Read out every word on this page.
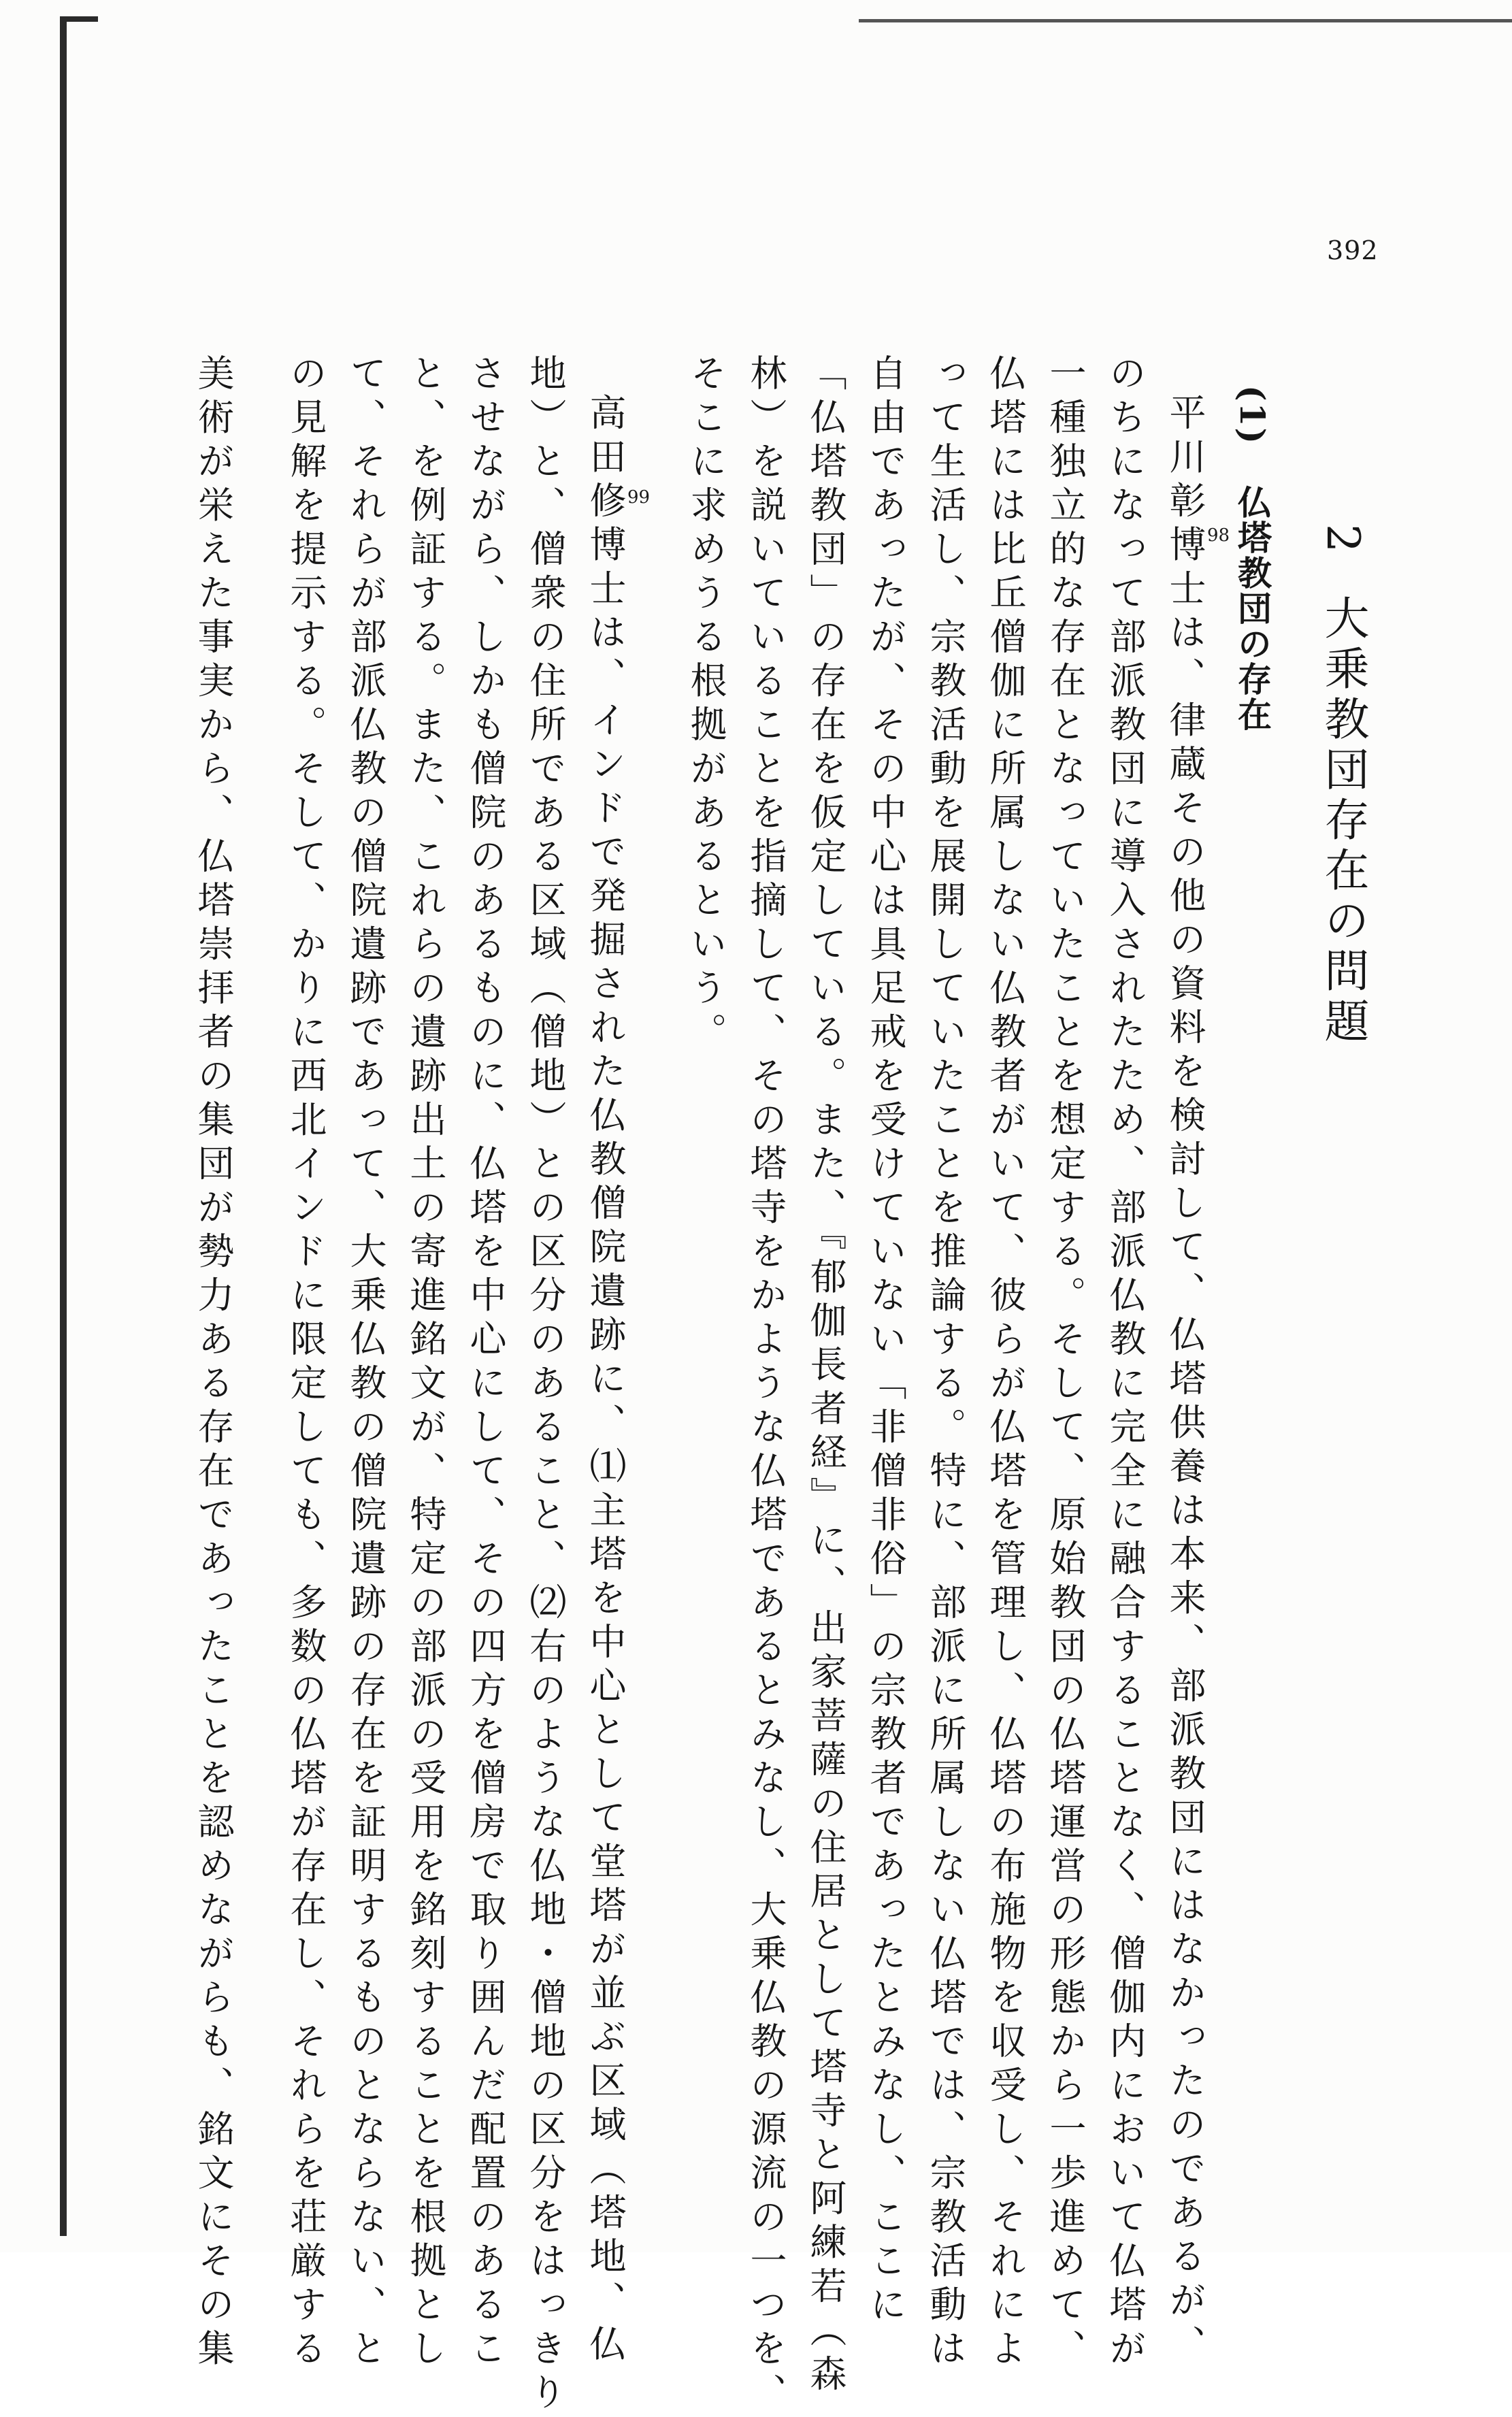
392
2大乗教団存在の問題
(1)仏塔教団の存在
平川彰博士は、律蔵その他の資料を検討して、仏塔供養は本来、部派教団にはなかったのであるが、
のちになって部派教団に導入されたため、部派仏教に完全に融合することなく、僧伽内において仏塔が
一種独立的な存在となっていたことを想定する。そして、原始教団の仏塔運営の形態から一歩進めて、
仏塔には比丘僧伽に所属しない仏教者がいて、彼らが仏塔を管理し、仏塔の布施物を収受し、それによ
って生活し、宗教活動を展開していたことを推論する。特に、部派に所属しない仏塔では、宗教活動は
自由であったが、その中心は具足戒を受けていない「非僧非俗」の宗教者であったとみなし、ここに
「仏塔教団」の存在を仮定している。また、『郁伽長者経』に、出家菩薩の住居として塔寺と阿練若（森
林）を説いていることを指摘して、その塔寺をかような仏塔であるとみなし、大乗仏教の源流の一つを、
そこに求めうる根拠があるという。
高田修博士は、インドで発掘された仏教僧院遺跡に、⑴主塔を中心として堂塔が並ぶ区域（塔地、仏
地）と、僧衆の住所である区域（僧地）との区分のあること、⑵右のような仏地・僧地の区分をはっきり
させながら、しかも僧院のあるものに、仏塔を中心にして、その四方を僧房で取り囲んだ配置のあるこ
と、を例証する。また、これらの遺跡出土の寄進銘文が、特定の部派の受用を銘刻することを根拠とし
て、それらが部派仏教の僧院遺跡であって、大乗仏教の僧院遺跡の存在を証明するものとならない、と
の見解を提示する。そして、かりに西北インドに限定しても、多数の仏塔が存在し、それらを荘厳する
美術が栄えた事実から、仏塔崇拝者の集団が勢力ある存在であったことを認めながらも、銘文にその集	98
99
